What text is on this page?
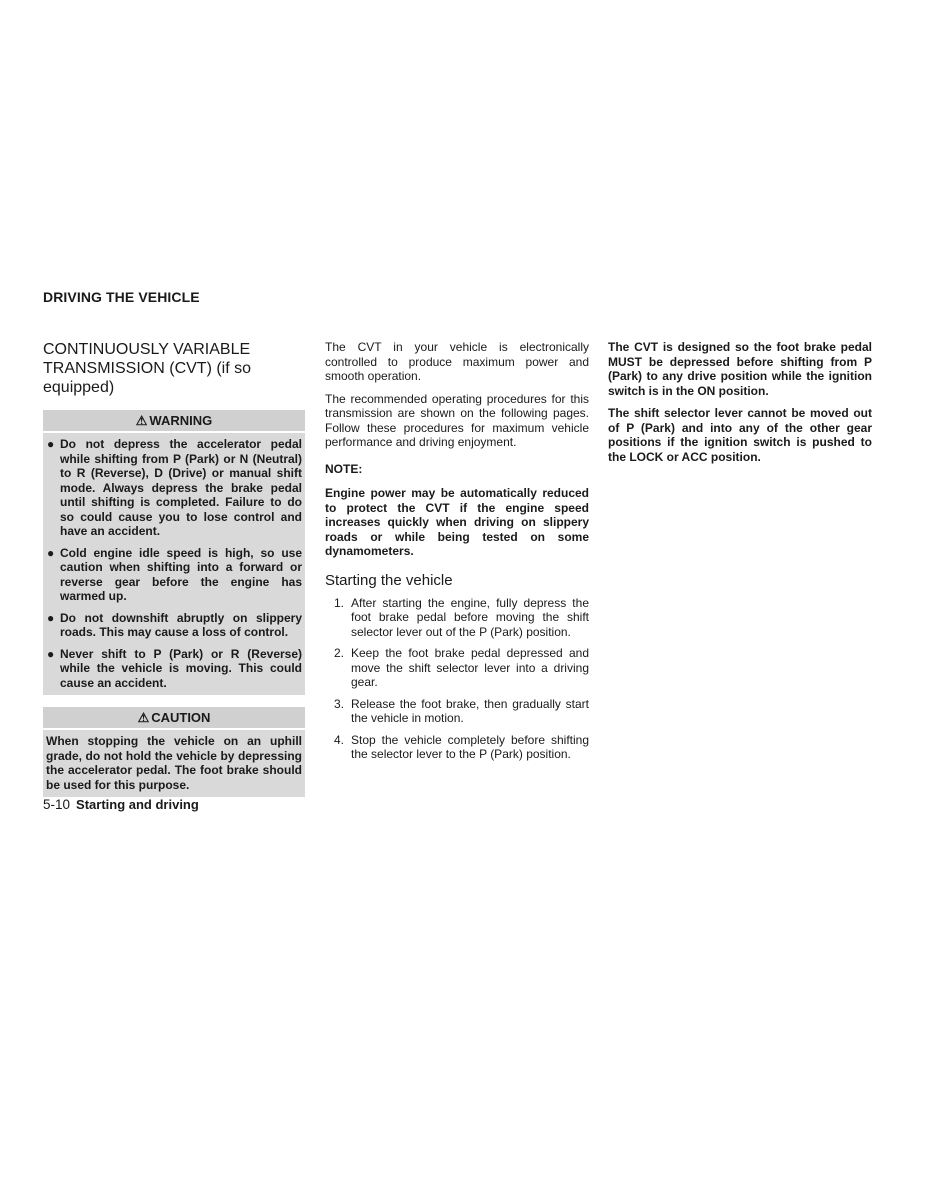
DRIVING THE VEHICLE
CONTINUOUSLY VARIABLE TRANSMISSION (CVT) (if so equipped)
⚠ WARNING
● Do not depress the accelerator pedal while shifting from P (Park) or N (Neutral) to R (Reverse), D (Drive) or manual shift mode. Always depress the brake pedal until shifting is completed. Failure to do so could cause you to lose control and have an accident.
● Cold engine idle speed is high, so use caution when shifting into a forward or reverse gear before the engine has warmed up.
● Do not downshift abruptly on slippery roads. This may cause a loss of control.
● Never shift to P (Park) or R (Reverse) while the vehicle is moving. This could cause an accident.
⚠ CAUTION

When stopping the vehicle on an uphill grade, do not hold the vehicle by depressing the accelerator pedal. The foot brake should be used for this purpose.

The CVT in your vehicle is electronically controlled to produce maximum power and smooth operation.

The recommended operating procedures for this transmission are shown on the following pages. Follow these procedures for maximum vehicle performance and driving enjoyment.

NOTE:

Engine power may be automatically reduced to protect the CVT if the engine speed increases quickly when driving on slippery roads or while being tested on some dynamometers.

Starting the vehicle
1. After starting the engine, fully depress the foot brake pedal before moving the shift selector lever out of the P (Park) position.
2. Keep the foot brake pedal depressed and move the shift selector lever into a driving gear.
3. Release the foot brake, then gradually start the vehicle in motion.
4. Stop the vehicle completely before shifting the selector lever to the P (Park) position.

The CVT is designed so the foot brake pedal MUST be depressed before shifting from P (Park) to any drive position while the ignition switch is in the ON position.

The shift selector lever cannot be moved out of P (Park) and into any of the other gear positions if the ignition switch is pushed to the LOCK or ACC position.

5-10 Starting and driving
